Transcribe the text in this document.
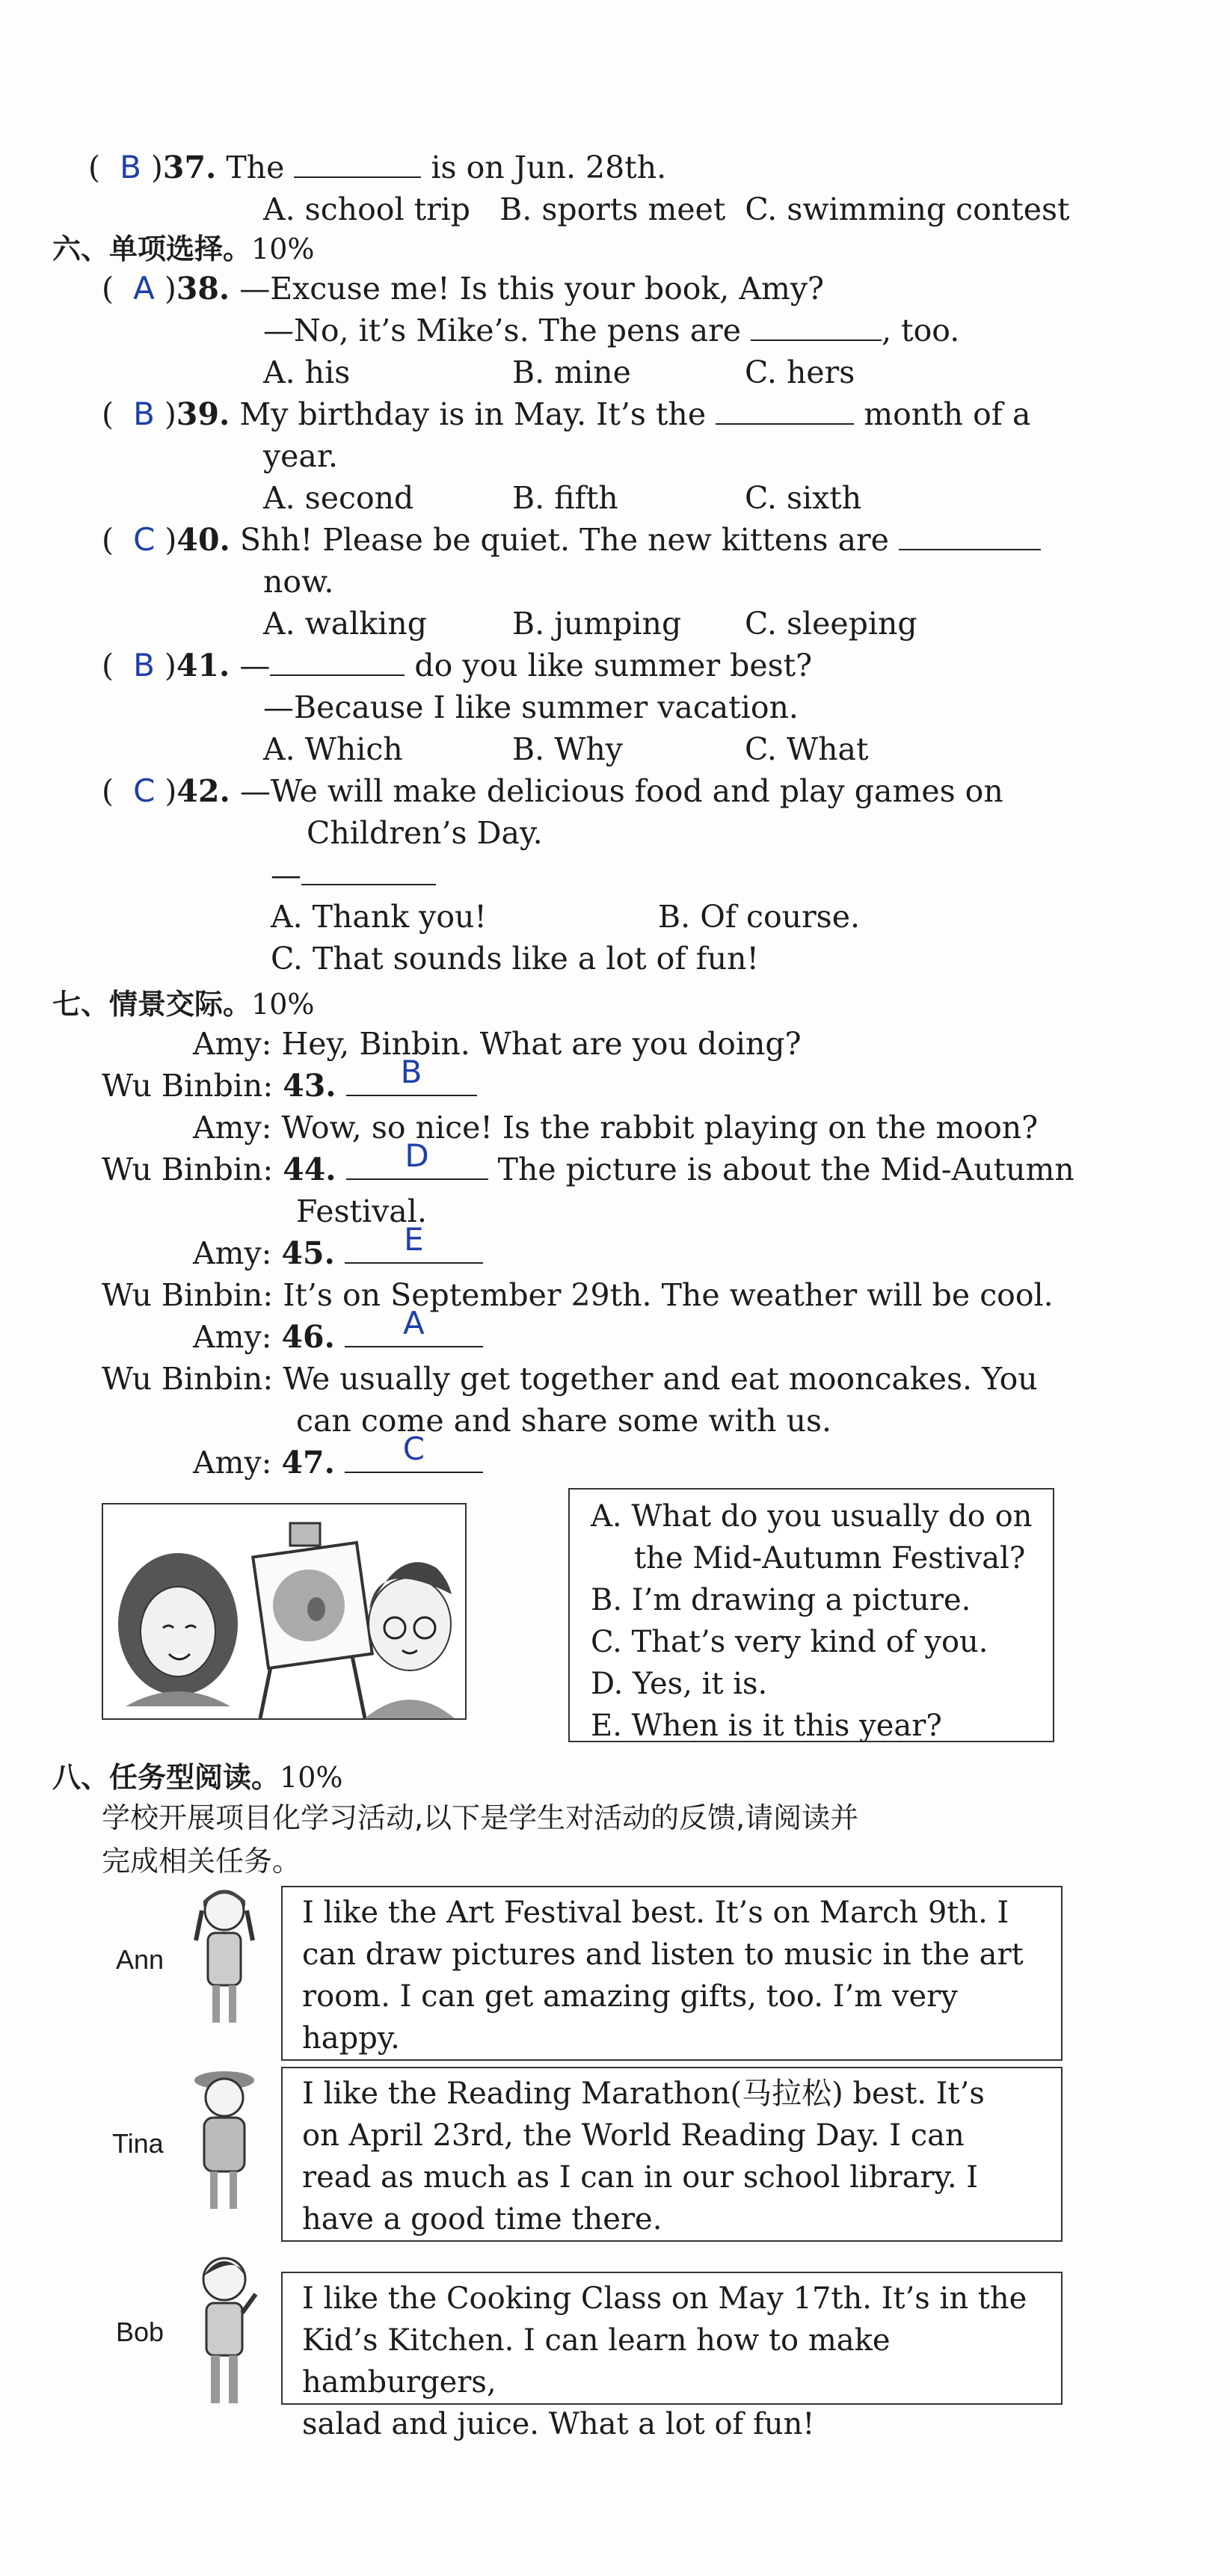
(  B )37. The	is on Jun. 28th.
A. school trip   B. sports meet  C. swimming contest
六、单项选择。10%
(  A )38. —Excuse me! Is this your book, Amy?
—No, it’s Mike’s. The pens are	, too.
A. his	B. mine	C. hers
(  B )39. My birthday is in May. It’s the	month of a
year.
A. second	B. fifth	C. sixth
(  C )40. Shh! Please be quiet. The new kittens are
now.
A. walking	B. jumping C. sleeping
(  B )41. —	do you like summer best?
—Because I like summer vacation.
A. Which	B. Why	C. What
(  C )42. —We will make delicious food and play games on
Children’s Day.
—
A. Thank you!	B. Of course.
C. That sounds like a lot of fun!
七、情景交际。10%
Amy: Hey, Binbin. What are you doing?
Wu Binbin: 43.	B
Amy: Wow, so nice! Is the rabbit playing on the moon?
Wu Binbin: 44.	D	The picture is about the Mid-Autumn
Festival.
Amy: 45.	E
Wu Binbin: It’s on September 29th. The weather will be cool.
Amy: 46.	A
Wu Binbin: We usually get together and eat mooncakes. You
can come and share some with us.
Amy: 47.	C

A. What do you usually do on

the Mid-Autumn Festival?

B. I’m drawing a picture.

C. That’s very kind of you.

D. Yes, it is.

E. When is it this year?

八、任务型阅读。10%
学校开展项目化学习活动,以下是学生对活动的反馈,请阅读并
完成相关任务。
Ann

I like the Art Festival best. It’s on March 9th. I

can draw pictures and listen to music in the art

room. I can get amazing gifts, too. I’m very

happy.

Tina

I like the Reading Marathon(马拉松) best. It’s

on April 23rd, the World Reading Day. I can

read as much as I can in our school library. I

have a good time there.

Bob

I like the Cooking Class on May 17th. It’s in the

Kid’s Kitchen. I can learn how to make hamburgers,

salad and juice. What a lot of fun!
